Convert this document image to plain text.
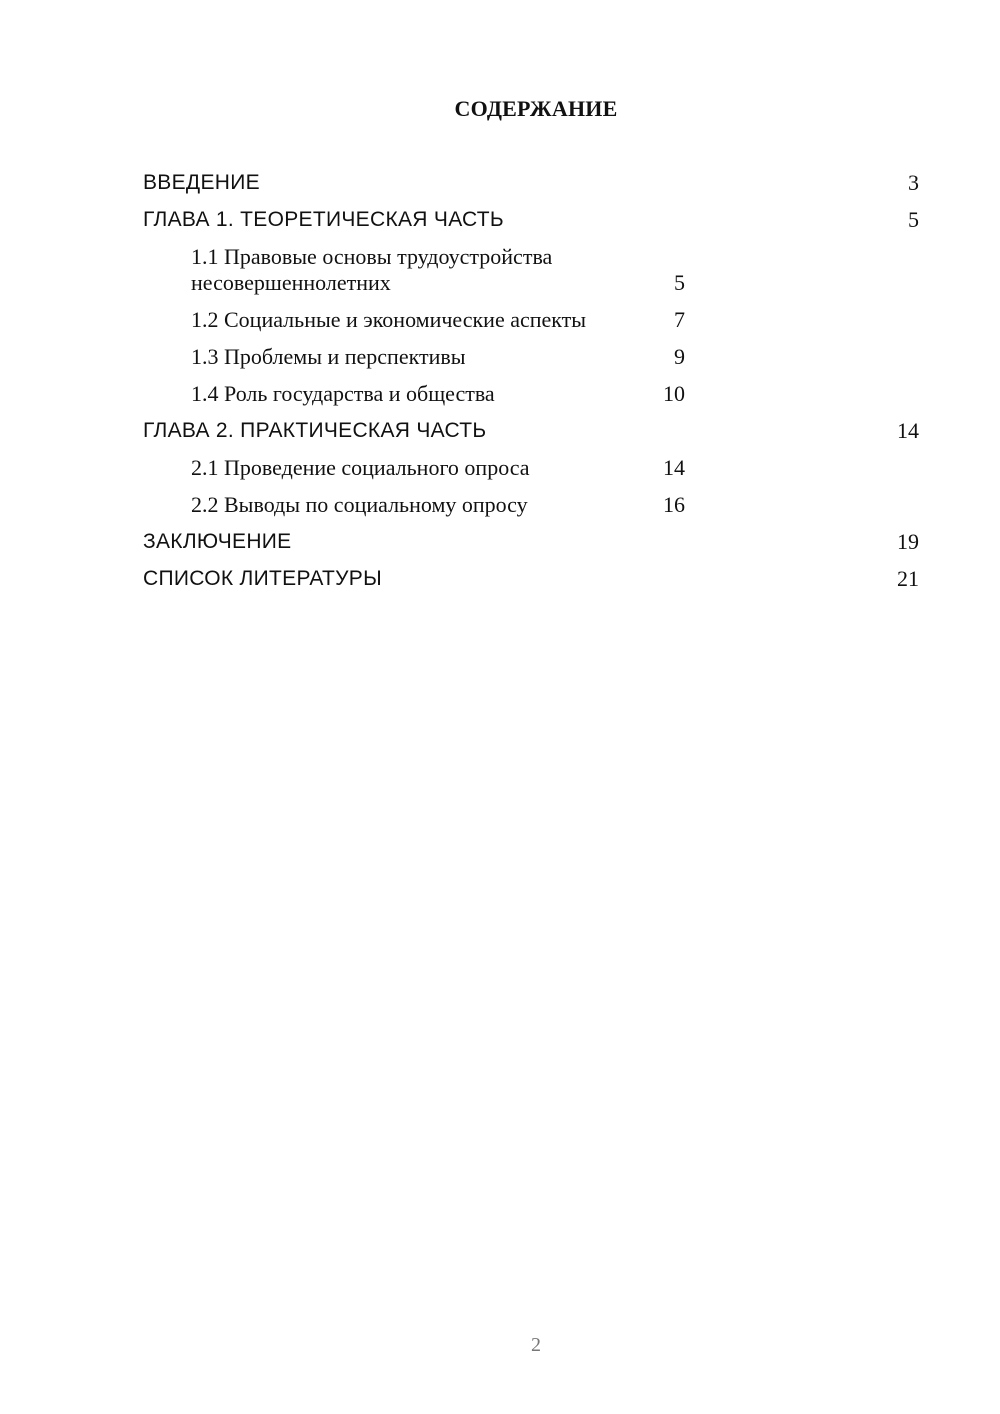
СОДЕРЖАНИЕ
ВВЕДЕНИЕ	3
ГЛАВА 1. ТЕОРЕТИЧЕСКАЯ ЧАСТЬ	5
1.1 Правовые основы трудоустройства несовершеннолетних	5
1.2 Социальные и экономические аспекты	7
1.3 Проблемы и перспективы	9
1.4 Роль государства и общества	10
ГЛАВА 2. ПРАКТИЧЕСКАЯ ЧАСТЬ	14
2.1 Проведение социального опроса	14
2.2 Выводы по социальному опросу	16
ЗАКЛЮЧЕНИЕ	19
СПИСОК ЛИТЕРАТУРЫ	21
2
